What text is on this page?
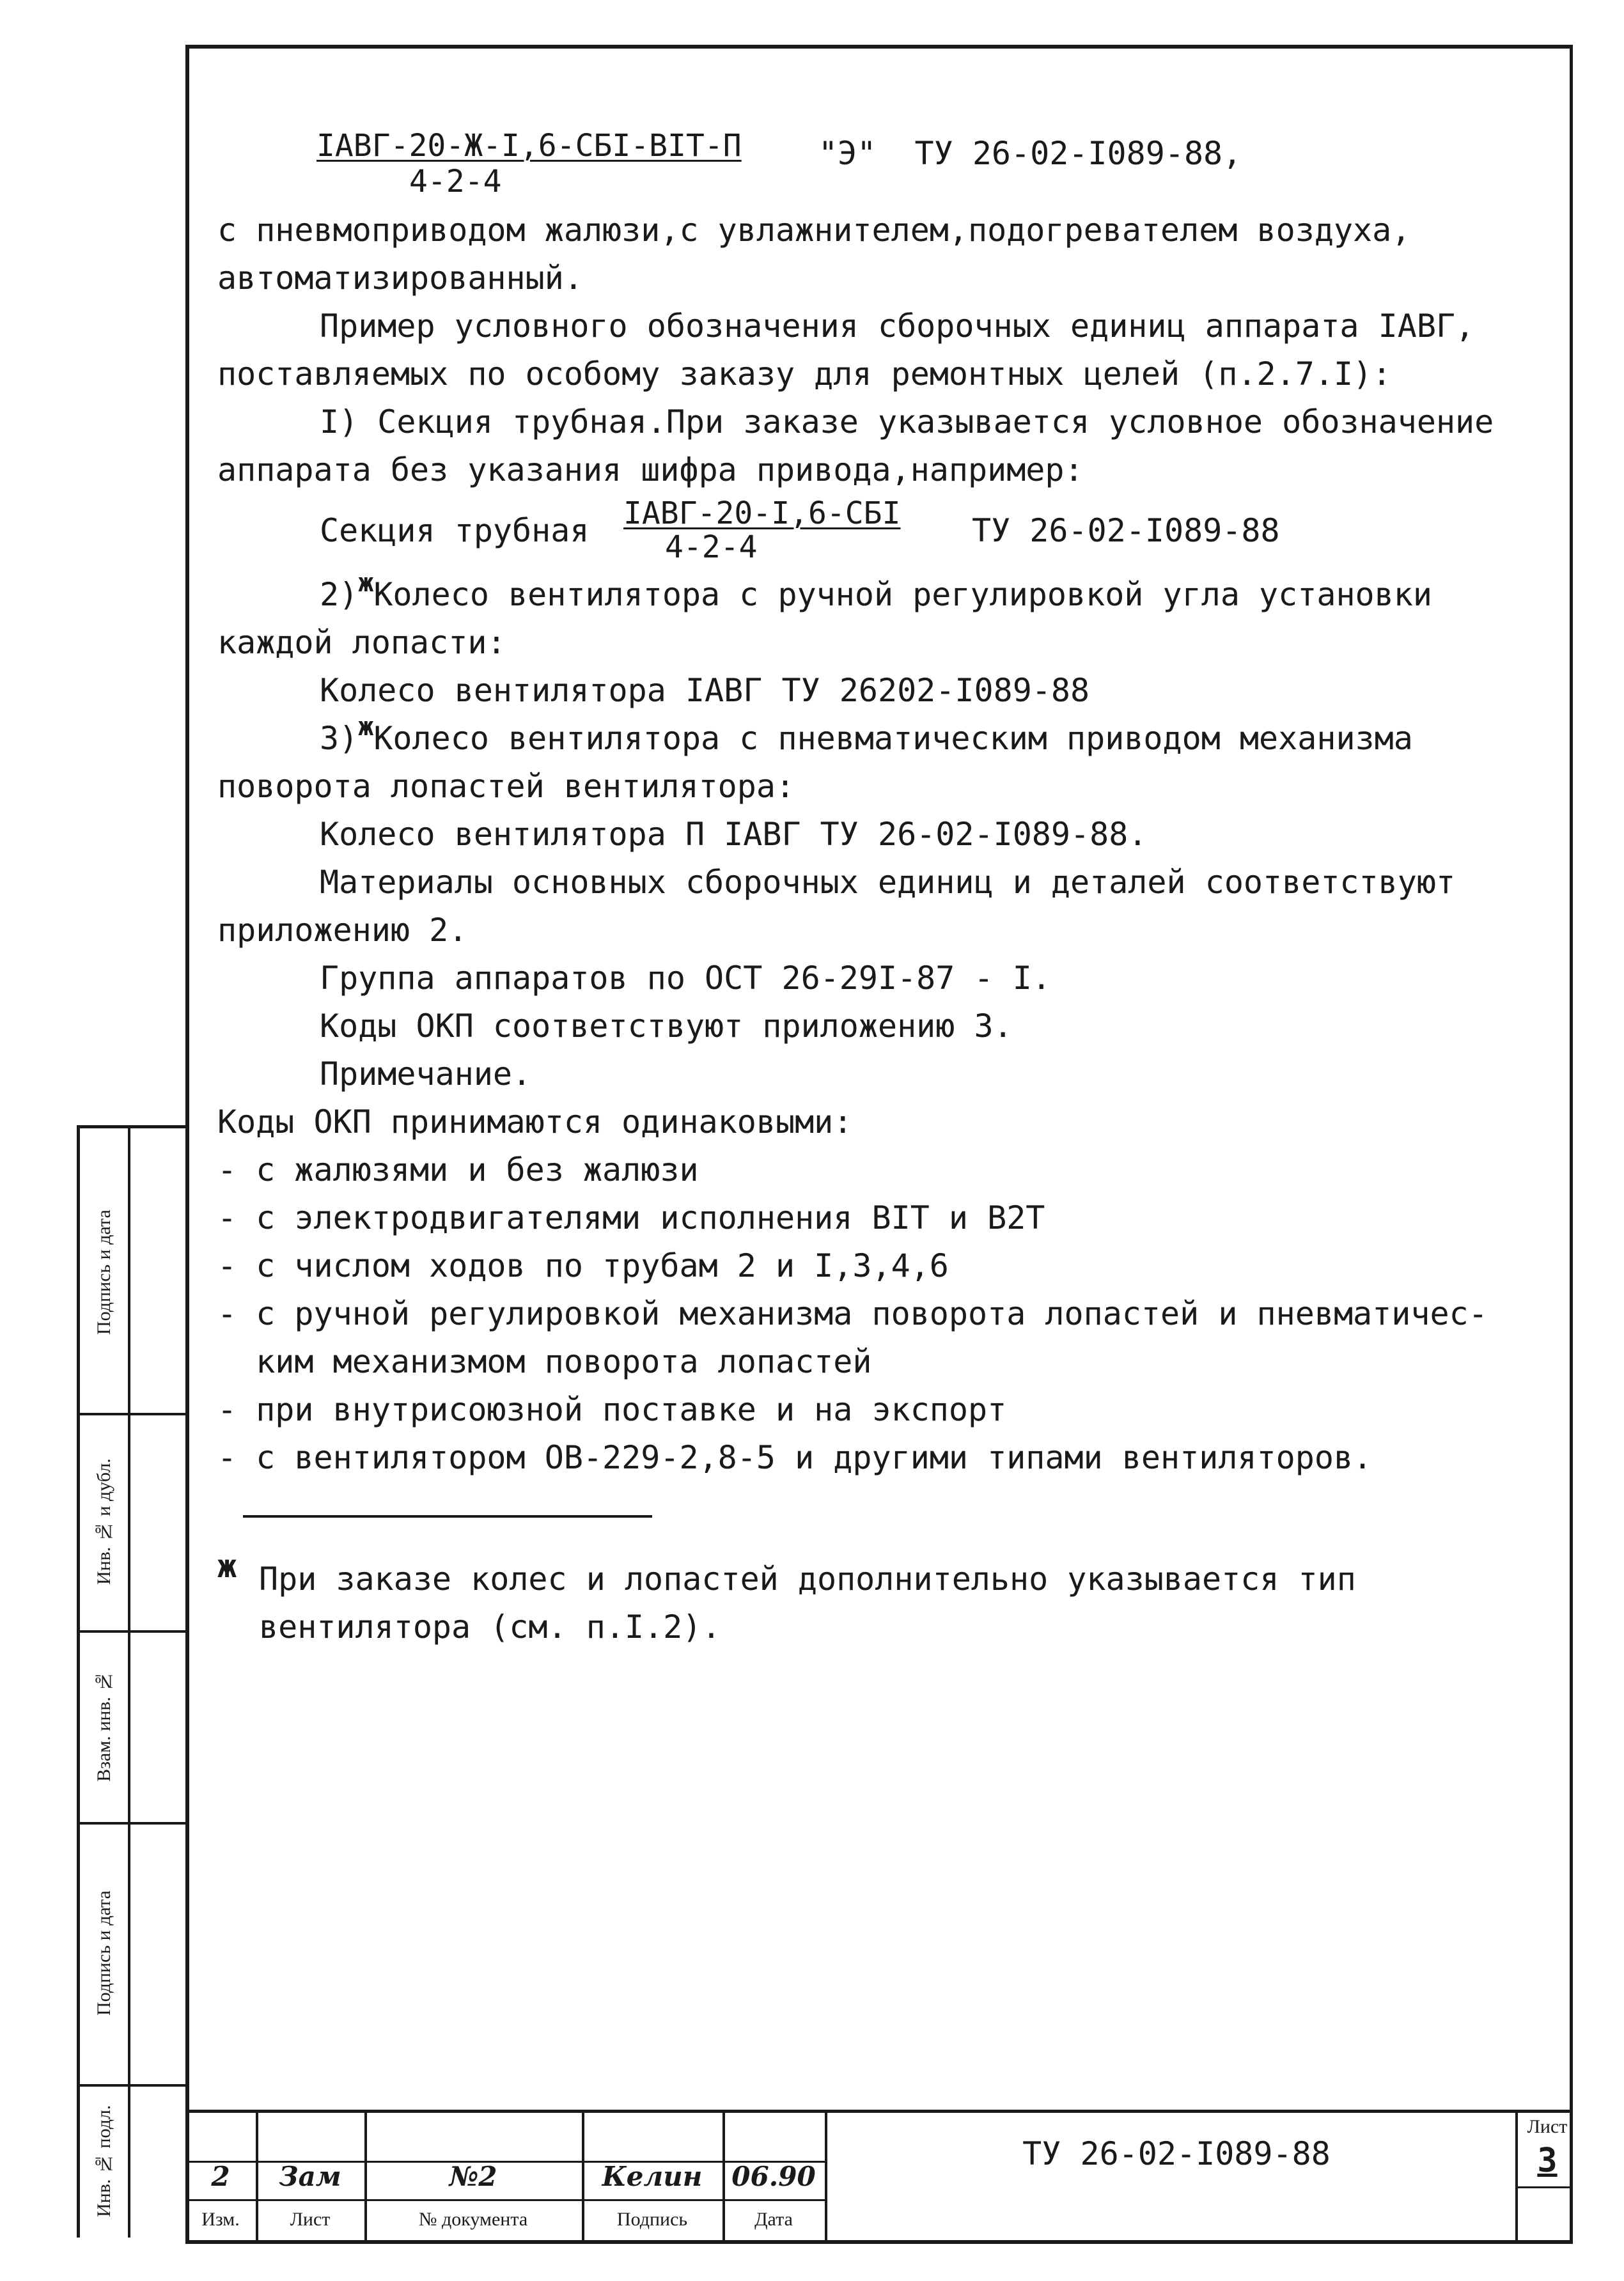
IАВГ-20-Ж-I,6-СБI-BIT-П
4-2-4
"Э"  ТУ 26-02-I089-88,
с пневмоприводом жалюзи,с увлажнителем,подогревателем воздуха,
автоматизированный.
Пример условного обозначения сборочных единиц аппарата IАВГ,
поставляемых по особому заказу для ремонтных целей (п.2.7.I):
I) Секция трубная.При заказе указывается условное обозначение
аппарата без указания шифра привода,например:
Секция трубная IАВГ-20-I,6-СБI
4-2-4	ТУ 26-02-I089-88
2)$^ж$Колесо вентилятора с ручной регулировкой угла установки
каждой лопасти:
Колесо вентилятора IАВГ ТУ 26202-I089-88
3)$^ж$Колесо вентилятора с пневматическим приводом механизма
поворота лопастей вентилятора:
Колесо вентилятора П IАВГ ТУ 26-02-I089-88.
Материалы основных сборочных единиц и деталей соответствуют
приложению 2.
Группа аппаратов по ОСТ 26-29I-87 - I.
Коды ОКП соответствуют приложению 3.
Примечание.
Коды ОКП принимаются одинаковыми:
- с жалюзями и без жалюзи
- с электродвигателями исполнения BIT и В2Т
- с числом ходов по трубам 2 и I,3,4,6
- с ручной регулировкой механизма поворота лопастей и пневматичес-
ким механизмом поворота лопастей
- при внутрисоюзной поставке и на экспорт
- с вентилятором ОВ-229-2,8-5 и другими типами вентиляторов.
ж При заказе колес и лопастей дополнительно указывается тип
вентилятора (см. п.I.2).
Инв. № подл.
Подпись и дата
Взам. инв. №
Инв. № и дубл.
Подпись и дата
2	Зам	№2	Келин	06.90
Изм.	Лист	№ документа	Подпись	Дата
ТУ 26-02-I089-88
Лист
3
